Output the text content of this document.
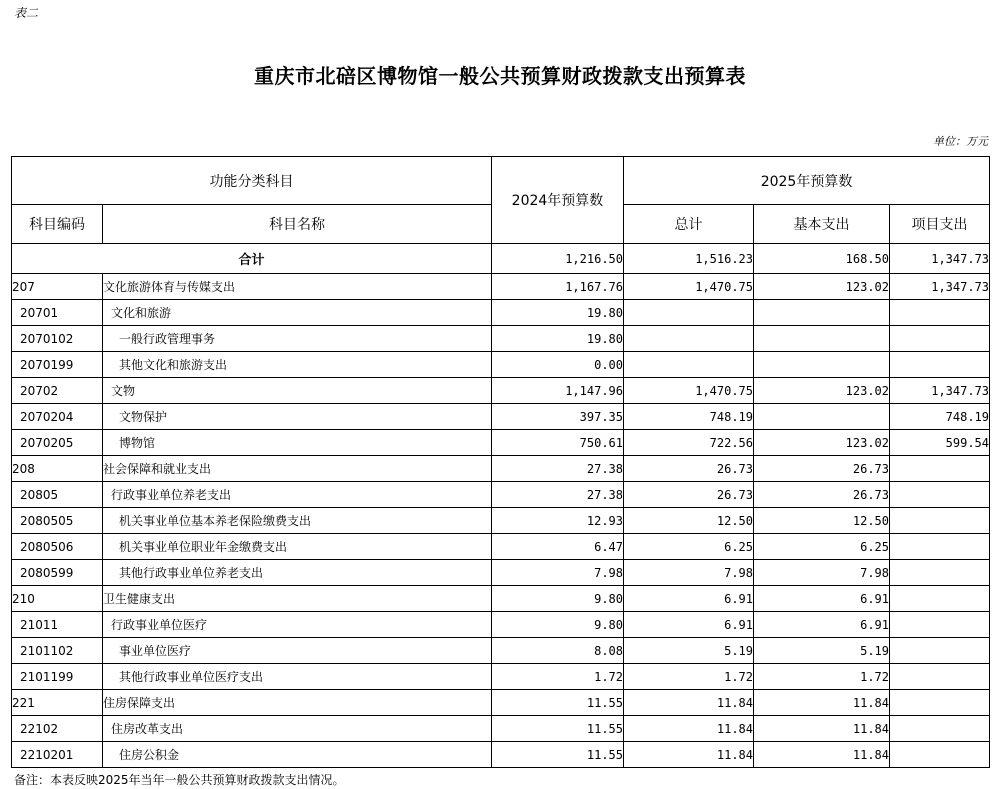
表二
重庆市北碚区博物馆一般公共预算财政拨款支出预算表
单位：万元
功能分类科目		2024年预算数	2025年预算数		
科目编码	科目名称		总计	基本支出	项目支出
合计		1,216.50	1,516.23	168.50	1,347.73
207	文化旅游体育与传媒支出	1,167.76	1,470.75	123.02	1,347.73
20701	文化和旅游	19.80			
2070102	一般行政管理事务	19.80			
2070199	其他文化和旅游支出	0.00			
20702	文物	1,147.96	1,470.75	123.02	1,347.73
2070204	文物保护	397.35	748.19		748.19
2070205	博物馆	750.61	722.56	123.02	599.54
208	社会保障和就业支出	27.38	26.73	26.73	
20805	行政事业单位养老支出	27.38	26.73	26.73	
2080505	机关事业单位基本养老保险缴费支出	12.93	12.50	12.50	
2080506	机关事业单位职业年金缴费支出	6.47	6.25	6.25	
2080599	其他行政事业单位养老支出	7.98	7.98	7.98	
210	卫生健康支出	9.80	6.91	6.91	
21011	行政事业单位医疗	9.80	6.91	6.91	
2101102	事业单位医疗	8.08	5.19	5.19	
2101199	其他行政事业单位医疗支出	1.72	1.72	1.72	
221	住房保障支出	11.55	11.84	11.84	
22102	住房改革支出	11.55	11.84	11.84	
2210201	住房公积金	11.55	11.84	11.84	
备注：本表反映2025年当年一般公共预算财政拨款支出情况。
